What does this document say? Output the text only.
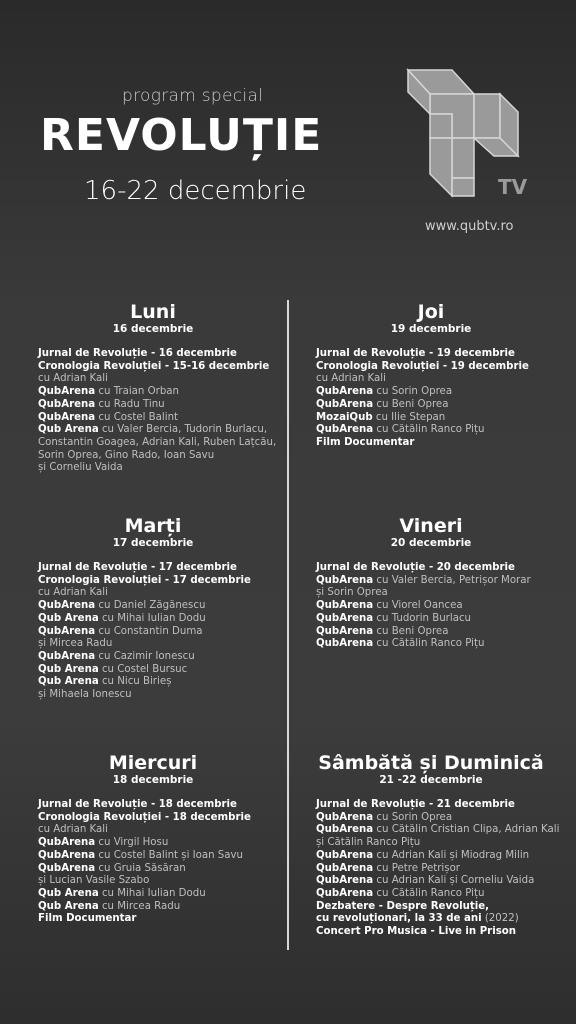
program special
REVOLUȚIE
16-22 decembrie	TV
www.qubtv.ro
Luni
16 decembrie
Jurnal de Revoluție - 16 decembrie
Cronologia Revoluției - 15-16 decembrie
cu Adrian Kali
QubArena cu Traian Orban
QubArena cu Radu Tinu
QubArena cu Costel Balint
Qub Arena cu Valer Bercia, Tudorin Burlacu,
Constantin Goagea, Adrian Kali, Ruben Lațcău,
Sorin Oprea, Gino Rado, Ioan Savu
și Corneliu Vaida
Joi
19 decembrie
Jurnal de Revoluție - 19 decembrie
Cronologia Revoluției - 19 decembrie
cu Adrian Kali
QubArena cu Sorin Oprea
QubArena cu Beni Oprea
MozaiQub cu Ilie Stepan
QubArena cu Cătălin Ranco Pițu
Film Documentar
Marți
17 decembrie
Jurnal de Revoluție - 17 decembrie
Cronologia Revoluției - 17 decembrie
cu Adrian Kali
QubArena cu Daniel Zăgănescu
Qub Arena cu Mihai Iulian Dodu
QubArena cu Constantin Duma
și Mircea Radu
QubArena cu Cazimir Ionescu
Qub Arena cu Costel Bursuc
Qub Arena cu Nicu Birieș
și Mihaela Ionescu
Vineri
20 decembrie
Jurnal de Revoluție - 20 decembrie
QubArena cu Valer Bercia, Petrișor Morar
și Sorin Oprea
QubArena cu Viorel Oancea
QubArena cu Tudorin Burlacu
QubArena cu Beni Oprea
QubArena cu Cătălin Ranco Pițu
Miercuri
18 decembrie
Jurnal de Revoluție - 18 decembrie
Cronologia Revoluției - 18 decembrie
cu Adrian Kali
QubArena cu Virgil Hosu
QubArena cu Costel Balint și Ioan Savu
QubArena cu Gruia Săsăran
și Lucian Vasile Szabo
Qub Arena cu Mihai Iulian Dodu
Qub Arena cu Mircea Radu
Film Documentar
Sâmbătă și Duminică
21 -22 decembrie
Jurnal de Revoluție - 21 decembrie
QubArena cu Sorin Oprea
QubArena cu Cătălin Cristian Clipa, Adrian Kali
și Cătălin Ranco Pițu
QubArena cu Adrian Kali și Miodrag Milin
QubArena cu Petre Petrișor
QubArena cu Adrian Kali și Corneliu Vaida
QubArena cu Cătălin Ranco Pițu
Dezbatere - Despre Revoluție,
cu revoluționari, la 33 de ani (2022)
Concert Pro Musica - Live in Prison
